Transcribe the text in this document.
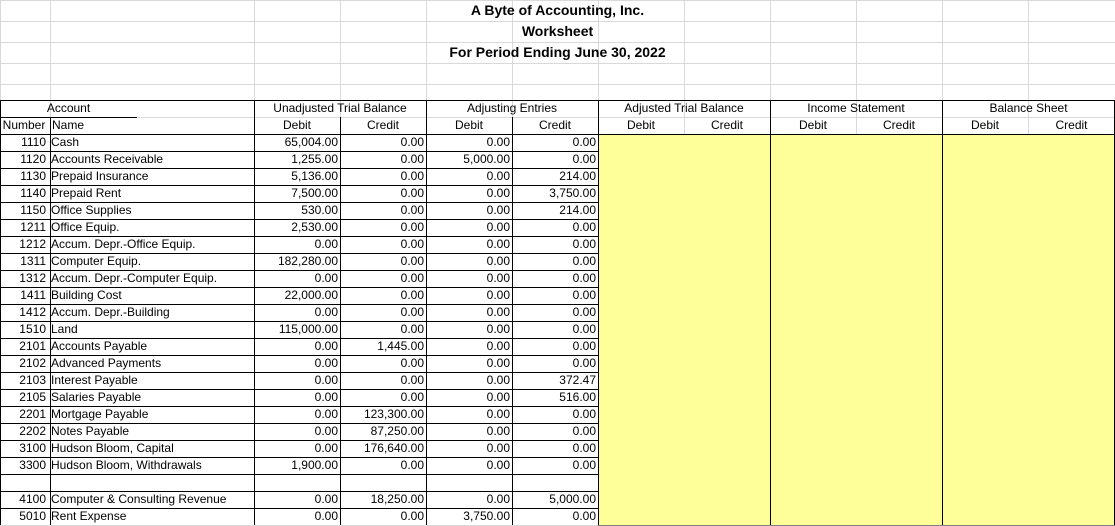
A Byte of Accounting, Inc.
Worksheet
For Period Ending June 30, 2022
Account
Number Name
Unadjusted Trial Balance
Debit	Credit
Adjusting Entries
Debit	Credit
Adjusted Trial Balance
Debit	Credit
Income Statement
Debit	Credit
Balance Sheet
Debit	Credit
1110 Cash	65,004.00	0.00	0.00	0.00
1120 Accounts Receivable	1,255.00	0.00	5,000.00	0.00
1130 Prepaid Insurance	5,136.00	0.00	0.00	214.00
1140 Prepaid Rent	7,500.00	0.00	0.00	3,750.00
1150 Office Supplies	530.00	0.00	0.00	214.00
1211 Office Equip.	2,530.00	0.00	0.00	0.00
1212 Accum. Depr.-Office Equip.	0.00	0.00	0.00	0.00
1311 Computer Equip.	182,280.00	0.00	0.00	0.00
1312 Accum. Depr.-Computer Equip.	0.00	0.00	0.00	0.00
1411 Building Cost	22,000.00	0.00	0.00	0.00
1412 Accum. Depr.-Building	0.00	0.00	0.00	0.00
1510 Land	115,000.00	0.00	0.00	0.00
2101 Accounts Payable	0.00	1,445.00	0.00	0.00
2102 Advanced Payments	0.00	0.00	0.00	0.00
2103 Interest Payable	0.00	0.00	0.00	372.47
2105 Salaries Payable	0.00	0.00	0.00	516.00
2201 Mortgage Payable	0.00	123,300.00	0.00	0.00
2202 Notes Payable	0.00	87,250.00	0.00	0.00
3100 Hudson Bloom, Capital	0.00	176,640.00	0.00	0.00
3300 Hudson Bloom, Withdrawals	1,900.00	0.00	0.00	0.00
4100 Computer & Consulting Revenue	0.00	18,250.00	0.00	5,000.00
5010 Rent Expense	0.00	0.00	3,750.00	0.00
